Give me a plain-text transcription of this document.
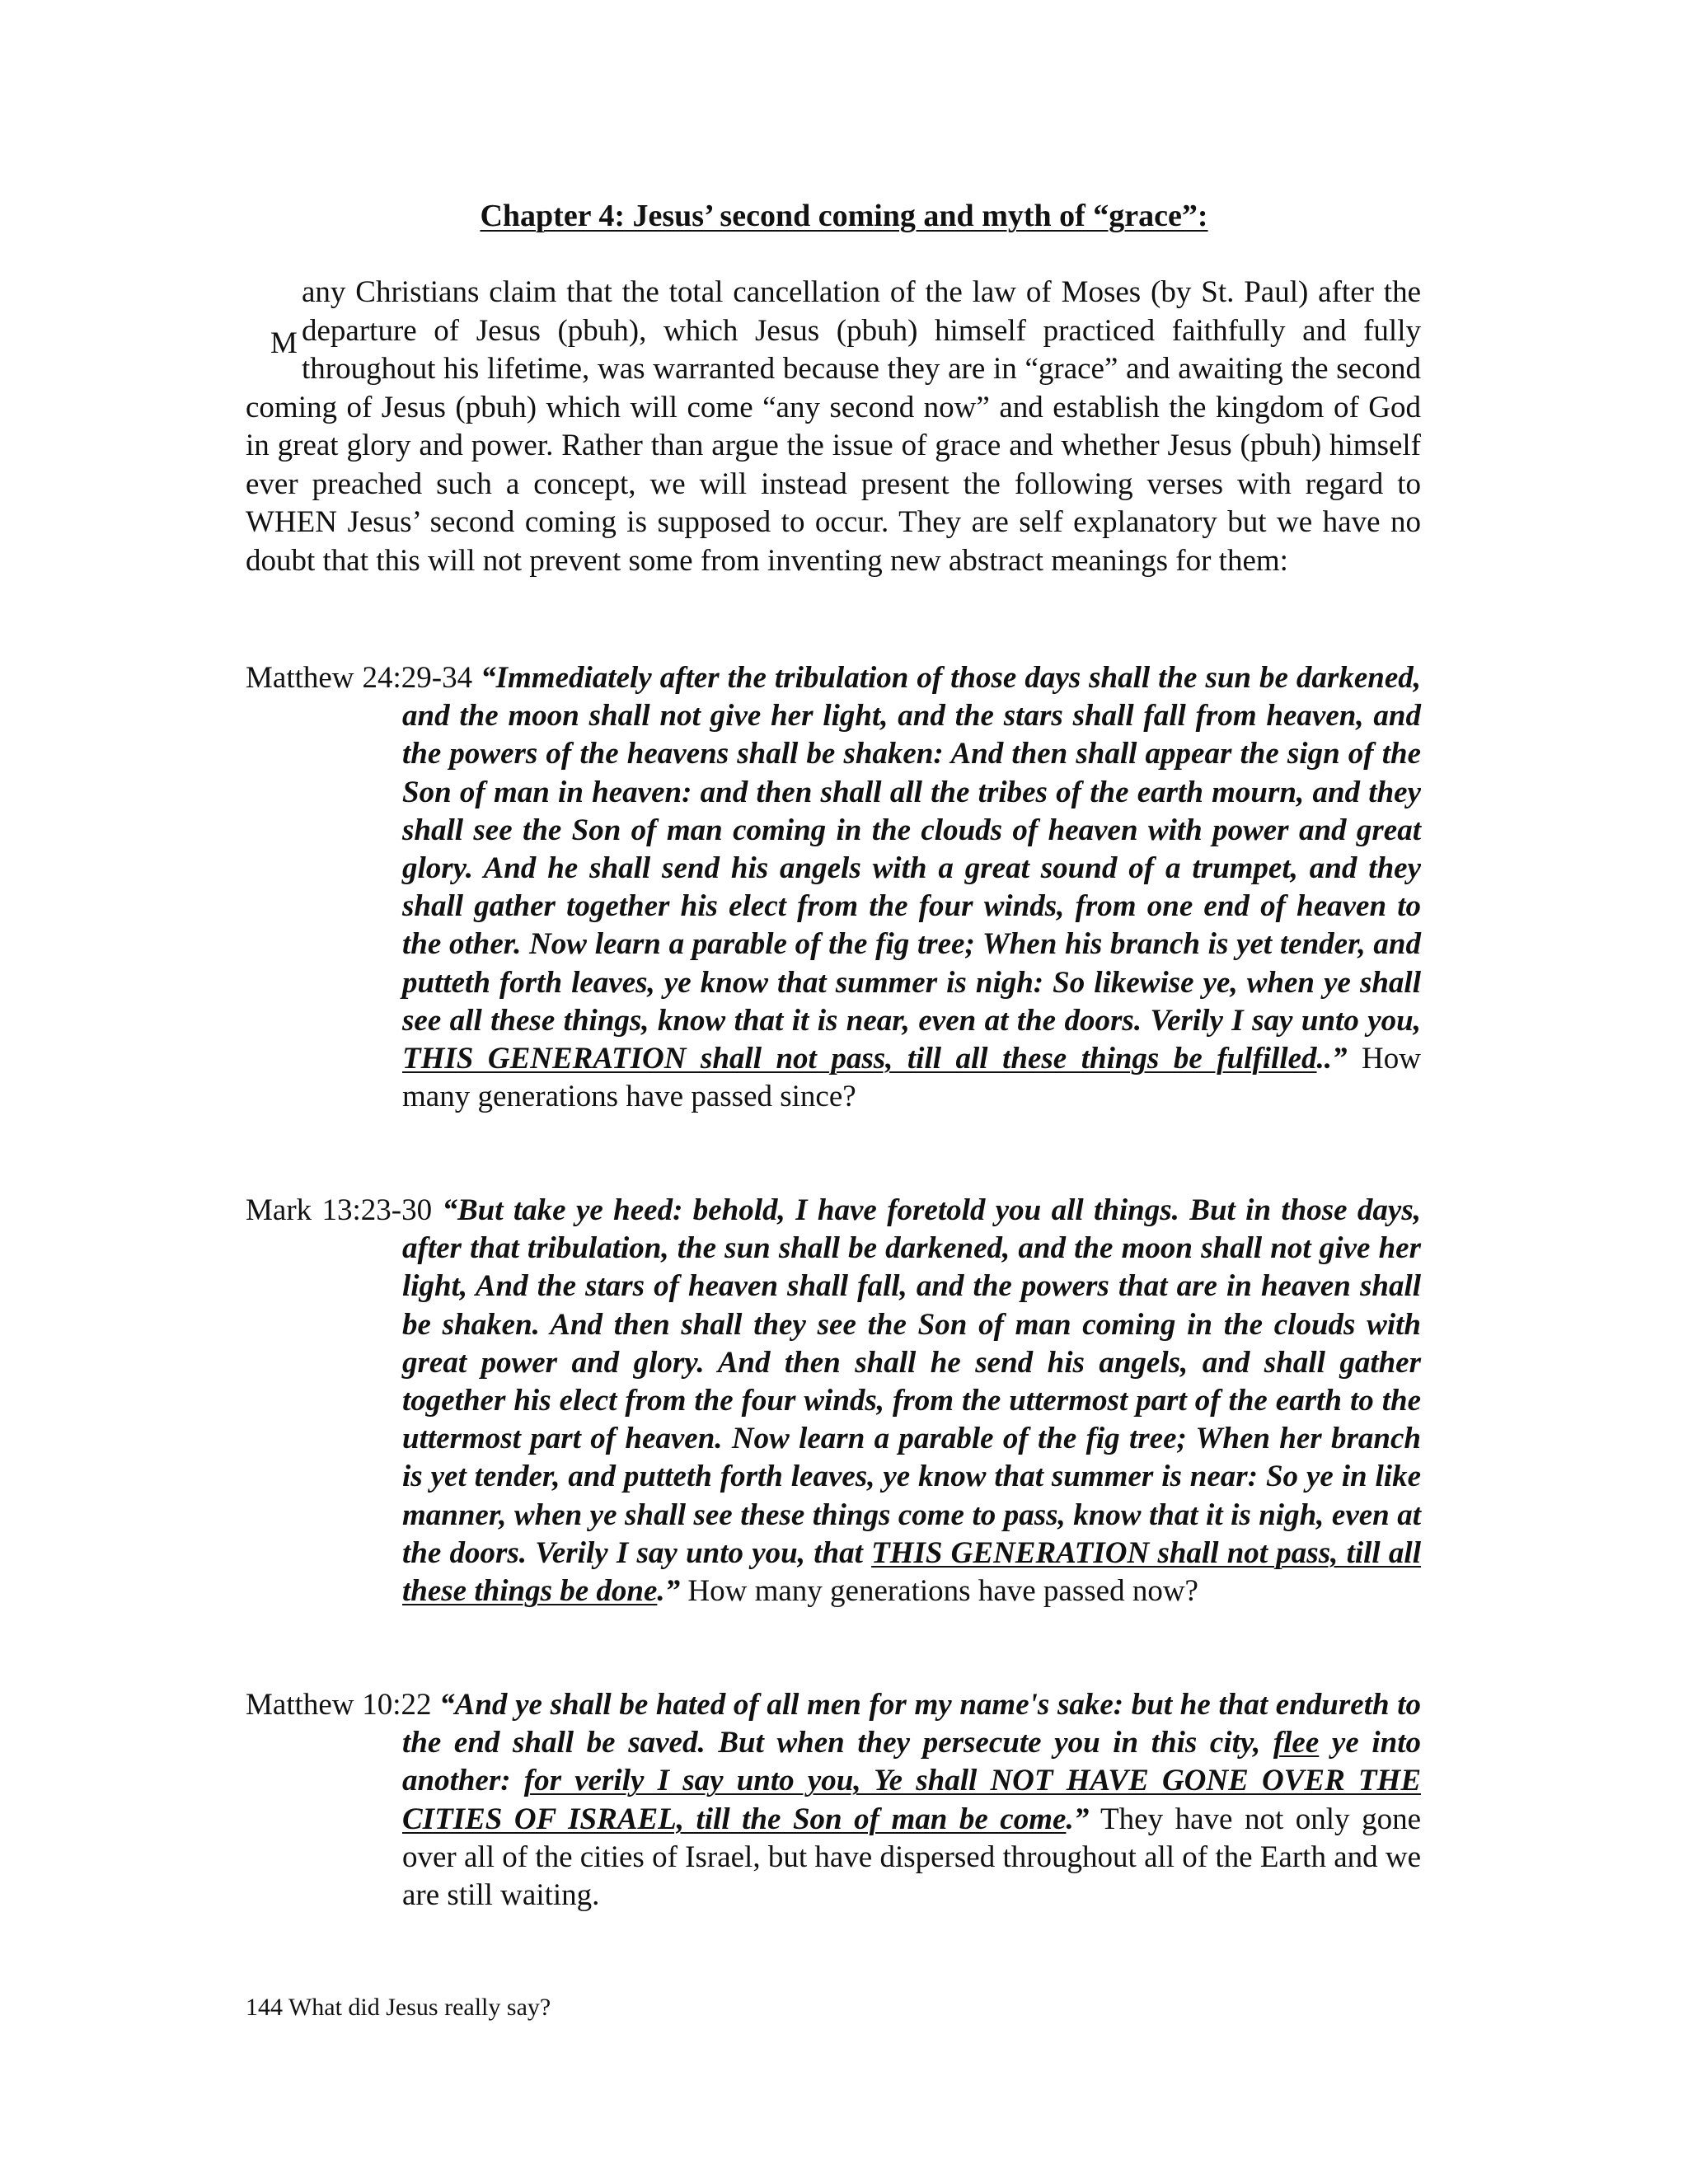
Chapter 4: Jesus’ second coming and myth of “grace”:
M
any Christians claim that the total cancellation of the law of Moses (by St. Paul) after the departure of Jesus (pbuh), which Jesus (pbuh) himself practiced faithfully and fully throughout his lifetime, was warranted because they are in “grace” and awaiting the second coming of Jesus (pbuh) which will come “any second now” and establish the kingdom of God in great glory and power. Rather than argue the issue of grace and whether Jesus (pbuh) himself ever preached such a concept, we will instead present the following verses with regard to WHEN Jesus’ second coming is supposed to occur. They are self explanatory but we have no doubt that this will not prevent some from inventing new abstract meanings for them:
Matthew 24:29-34 “Immediately after the tribulation of those days shall the sun be darkened, and the moon shall not give her light, and the stars shall fall from heaven, and the powers of the heavens shall be shaken: And then shall appear the sign of the Son of man in heaven: and then shall all the tribes of the earth mourn, and they shall see the Son of man coming in the clouds of heaven with power and great glory. And he shall send his angels with a great sound of a trumpet, and they shall gather together his elect from the four winds, from one end of heaven to the other. Now learn a parable of the fig tree; When his branch is yet tender, and putteth forth leaves, ye know that summer is nigh: So likewise ye, when ye shall see all these things, know that it is near, even at the doors. Verily I say unto you, THIS GENERATION shall not pass, till all these things be fulfilled..” How many generations have passed since?
Mark 13:23-30 “But take ye heed: behold, I have foretold you all things. But in those days, after that tribulation, the sun shall be darkened, and the moon shall not give her light, And the stars of heaven shall fall, and the powers that are in heaven shall be shaken. And then shall they see the Son of man coming in the clouds with great power and glory. And then shall he send his angels, and shall gather together his elect from the four winds, from the uttermost part of the earth to the uttermost part of heaven. Now learn a parable of the fig tree; When her branch is yet tender, and putteth forth leaves, ye know that summer is near: So ye in like manner, when ye shall see these things come to pass, know that it is nigh, even at the doors. Verily I say unto you, that THIS GENERATION shall not pass, till all these things be done.” How many generations have passed now?
Matthew 10:22 “And ye shall be hated of all men for my name's sake: but he that endureth to the end shall be saved. But when they persecute you in this city, flee ye into another: for verily I say unto you, Ye shall NOT HAVE GONE OVER THE CITIES OF ISRAEL, till the Son of man be come.” They have not only gone over all of the cities of Israel, but have dispersed throughout all of the Earth and we are still waiting.
144 What did Jesus really say?
